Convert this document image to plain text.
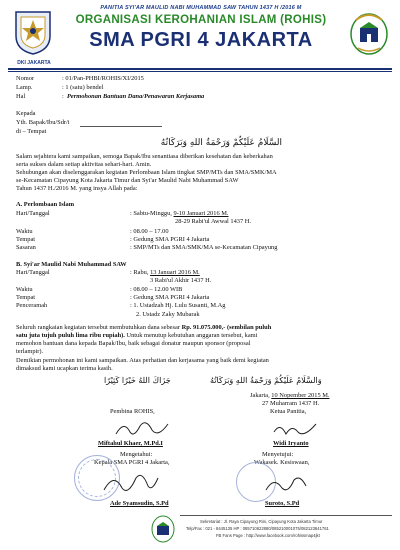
DKI JAKARTA
PANITIA SYI'AR MAULID NABI MUHAMMAD SAW TAHUN 1437 H /2016 M
ORGANISASI KEROHANIAN ISLAM (ROHIS)
SMA PGRI 4 JAKARTA
Nomor	: 01/Pan-PHBI/ROHIS/XI/2015
Lamp.	: 1 (satu) bendel
Hal	: Permohonan Bantuan Dana/Penawaran Kerjasama
Kepada
Yth. Bapak/Ibu/Sdr/i
di – Tempat
السَّلَامُ عَلَيْكُمْ وَرَحْمَةُ اللهِ وَبَرَكَاتُهُ
Salam sejahtera kami sampaikan, semoga Bapak/Ibu senantiasa diberikan kesehatan dan keberkahan
serta sukses dalam setiap aktivitas sehari-hari. Amin.
Sehubungan akan diselenggarakan kegiatan Perlombaan Islam tingkat SMP/MTs dan SMA/SMK/MA
se-Kecamatan Cipayung Kota Jakarta Timur dan Syi'ar Maulid Nabi Muhammad SAW
Tahun 1437 H./2016 M. yang insya Allah pada:
A. Perlombaan Islam
Hari/Tanggal	: Sabtu-Minggu, 9-10 Januari 2016 M.
28-29 Rabi'ul Awwal 1437 H.
Waktu	: 08.00 – 17.00
Tempat	: Gedung SMA PGRI 4 Jakarta
Sasaran	: SMP/MTs dan SMA/SMK/MA se-Kecamatan Cipayung
B. Syi'ar Maulid Nabi Muhammad SAW
Hari/Tanggal	: Rabu, 13 Januari 2016 M.
3 Rabi'ul Akhir 1437 H.
Waktu	: 08.00 – 12.00 WIB
Tempat	: Gedung SMA PGRI 4 Jakarta
Penceramah	: 1. Ustadzah Hj. Lulu Susanti, M.Ag
2. Ustadz Zaky Mubarak
Seluruh rangkaian kegiatan tersebut membutuhkan dana sebesar Rp. 91.075.000,- (sembilan puluh
satu juta tujuh puluh lima ribu rupiah). Untuk menutup kebutuhan anggaran tersebut, kami
memohon bantuan dana kepada Bapak/Ibu, baik sebagai donatur maupun sponsor (proposal
terlampir).
Demikian permohonan ini kami sampaikan. Atas perhatian dan kerjasama yang baik demi kegiatan
dimaksud kami ucapkan terima kasih.
جَزَاكَ اللهُ خَيْرًا كَثِيْرًا	وَالسَّلَامُ عَلَيْكُمْ وَرَحْمَةُ اللهِ وَبَرَكَاتُهُ
Jakarta, 10 Nopember 2015 M.
27 Muharram 1437 H.
Pembina ROHIS,	Ketua Panitia,
Miftahul Khaer, M.Pd.I	Widi Iryanto
Mengetahui:	Menyetujui:
Kepala SMA PGRI 4 Jakarta,	Wakasek. Kesiswaan,
Ade Syamsudin, S.Pd	Suroto, S.Pd
Sekretariat : Jl. Raya Cipayung Rini, Cipayung Kota Jakarta Timur
Telp/Fax : 021 - 8445135 HP : 085710622880/085210001075/082123641761
FB Fans Page : http://www.facebook.com/rohissmap4jkt
